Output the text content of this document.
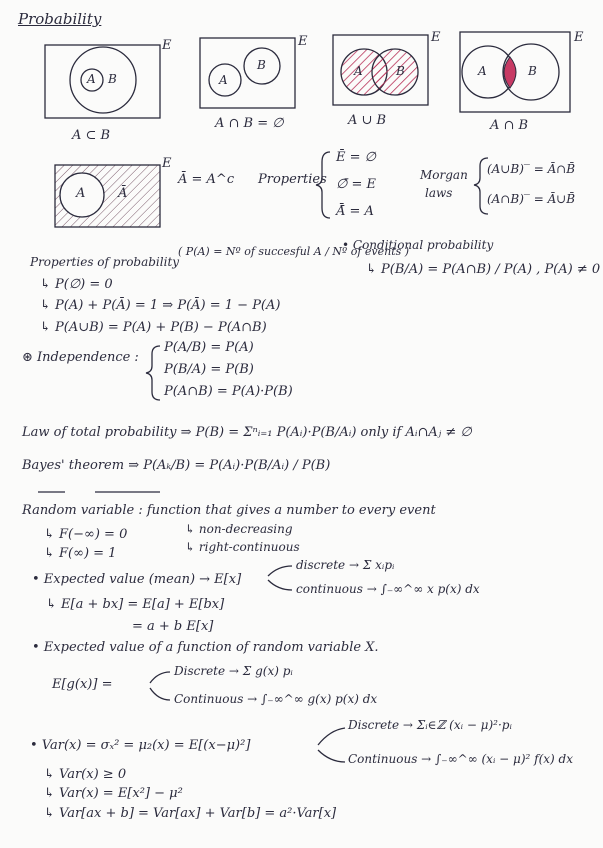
Probability
E	E	E	E
E
A B	A
B	A	B	A	B
A	Ā
A ⊂ B
A ∩ B = ∅	A ∪ B	A ∩ B
Ā = A^c Properties
Ē = ∅
∅̄ = E
Ā̄ = A
Morgan
laws
(A∪B)‾ = Ā∩B̄
(A∩B)‾ = Ā∪B̄
Properties of probability
( P(A) = Nº of succesful A / Nº of events )
↳ P(∅) = 0
↳ P(A) + P(Ā) = 1 ⇒ P(Ā) = 1 − P(A)
↳ P(A∪B) = P(A) + P(B) − P(A∩B)
• Conditional probability
↳ P(B/A) = P(A∩B) / P(A) , P(A) ≠ 0
⊛ Independence :
P(A/B) = P(A)
P(B/A) = P(B)
P(A∩B) = P(A)·P(B)
Law of total probability ⇒ P(B) = Σⁿᵢ₌₁ P(Aᵢ)·P(B/Aᵢ) only if Aᵢ∩Aⱼ ≠ ∅
Bayes' theorem ⇒ P(Aₖ/B) = P(Aᵢ)·P(B/Aᵢ) / P(B)
Random variable : function that gives a number to every event
↳ F(−∞) = 0
↳ F(∞) = 1
↳ non-decreasing
↳ right-continuous
• Expected value (mean) → E[x]
discrete → Σ xᵢpᵢ
continuous → ∫₋∞^∞ x p(x) dx
↳ E[a + bx] = E[a] + E[bx]
= a + b E[x]
• Expected value of a function of random variable X.
E[g(x)] =
Discrete → Σ g(x) pᵢ
Continuous → ∫₋∞^∞ g(x) p(x) dx
• Var(x) = σₓ² = μ₂(x) = E[(x−μ)²]
Discrete → Σᵢ∈ℤ (xᵢ − μ)²·pᵢ
Continuous → ∫₋∞^∞ (xᵢ − μ)² f(x) dx
↳ Var(x) ≥ 0
↳ Var(x) = E[x²] − μ²
↳ Var[ax + b] = Var[ax] + Var[b] = a²·Var[x]
